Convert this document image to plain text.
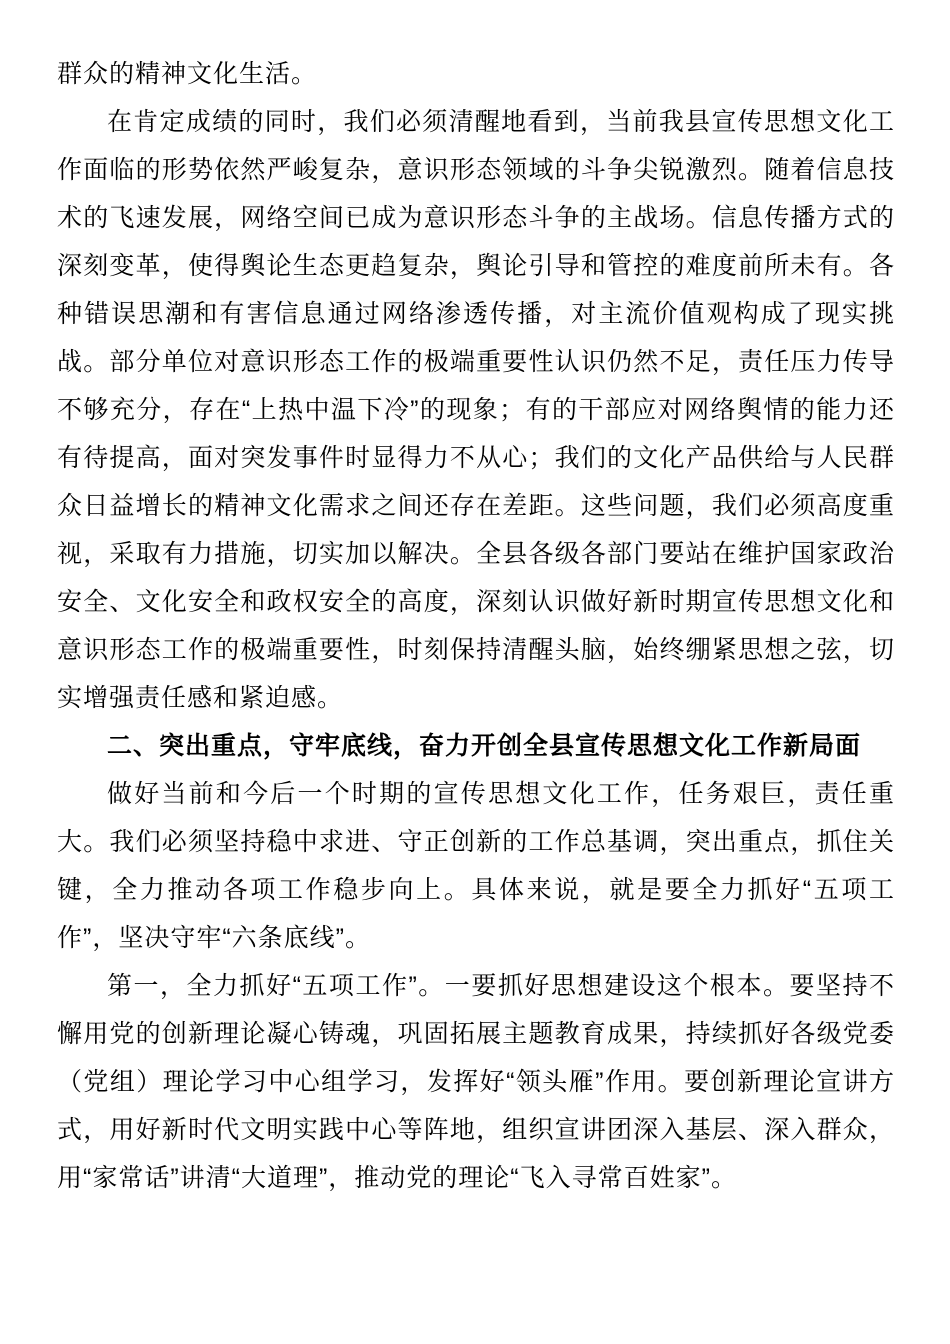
群众的精神文化生活。

在肯定成绩的同时，我们必须清醒地看到，当前我县宣传思想文化工作面临的形势依然严峻复杂，意识形态领域的斗争尖锐激烈。随着信息技术的飞速发展，网络空间已成为意识形态斗争的主战场。信息传播方式的深刻变革，使得舆论生态更趋复杂，舆论引导和管控的难度前所未有。各种错误思潮和有害信息通过网络渗透传播，对主流价值观构成了现实挑战。部分单位对意识形态工作的极端重要性认识仍然不足，责任压力传导不够充分，存在“上热中温下冷”的现象；有的干部应对网络舆情的能力还有待提高，面对突发事件时显得力不从心；我们的文化产品供给与人民群众日益增长的精神文化需求之间还存在差距。这些问题，我们必须高度重视，采取有力措施，切实加以解决。全县各级各部门要站在维护国家政治安全、文化安全和政权安全的高度，深刻认识做好新时期宣传思想文化和意识形态工作的极端重要性，时刻保持清醒头脑，始终绷紧思想之弦，切实增强责任感和紧迫感。

二、突出重点，守牢底线，奋力开创全县宣传思想文化工作新局面

做好当前和今后一个时期的宣传思想文化工作，任务艰巨，责任重大。我们必须坚持稳中求进、守正创新的工作总基调，突出重点，抓住关键，全力推动各项工作稳步向上。具体来说，就是要全力抓好“五项工作”，坚决守牢“六条底线”。

第一，全力抓好“五项工作”。一要抓好思想建设这个根本。要坚持不懈用党的创新理论凝心铸魂，巩固拓展主题教育成果，持续抓好各级党委（党组）理论学习中心组学习，发挥好“领头雁”作用。要创新理论宣讲方式，用好新时代文明实践中心等阵地，组织宣讲团深入基层、深入群众，用“家常话”讲清“大道理”，推动党的理论“飞入寻常百姓家”。
